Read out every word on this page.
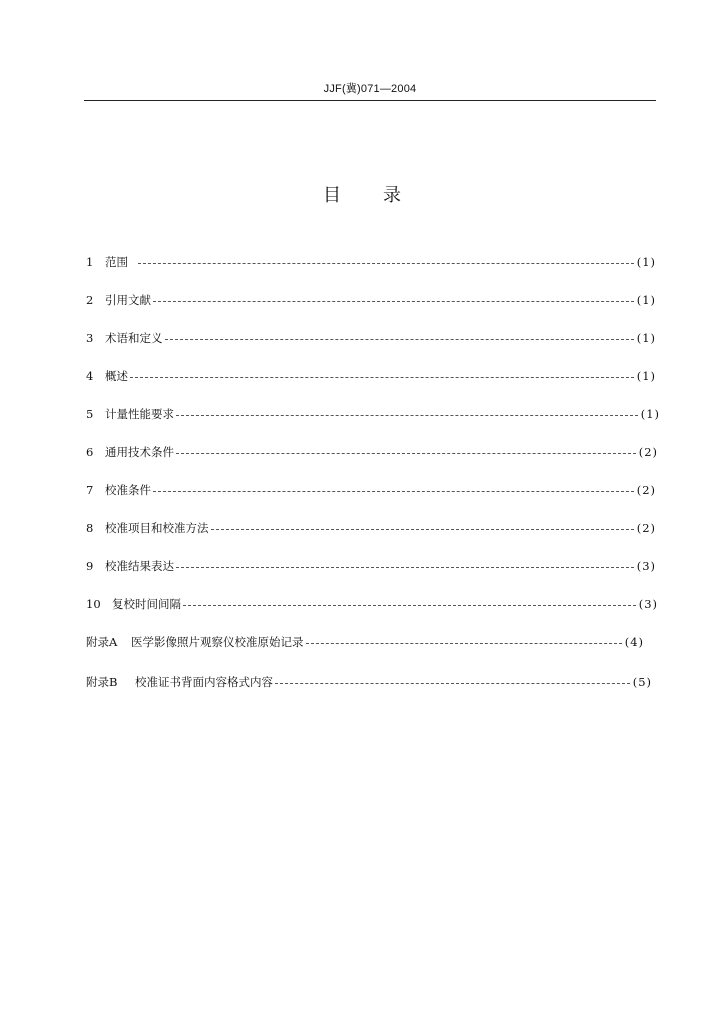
JJF(冀)071—2004
目 录
1	范围	(1)
2	引用文献	(1)
3	术语和定义	(1)
4	概述	(1)
5	计量性能要求	(1)
6	通用技术条件	(2)
7	校准条件	(2)
8	校准项目和校准方法	(2)
9	校准结果表达	(3)
10 复校时间间隔	(3)
附录A	医学影像照片观察仪校准原始记录	(4)
附录B	校准证书背面内容格式内容	(5)
